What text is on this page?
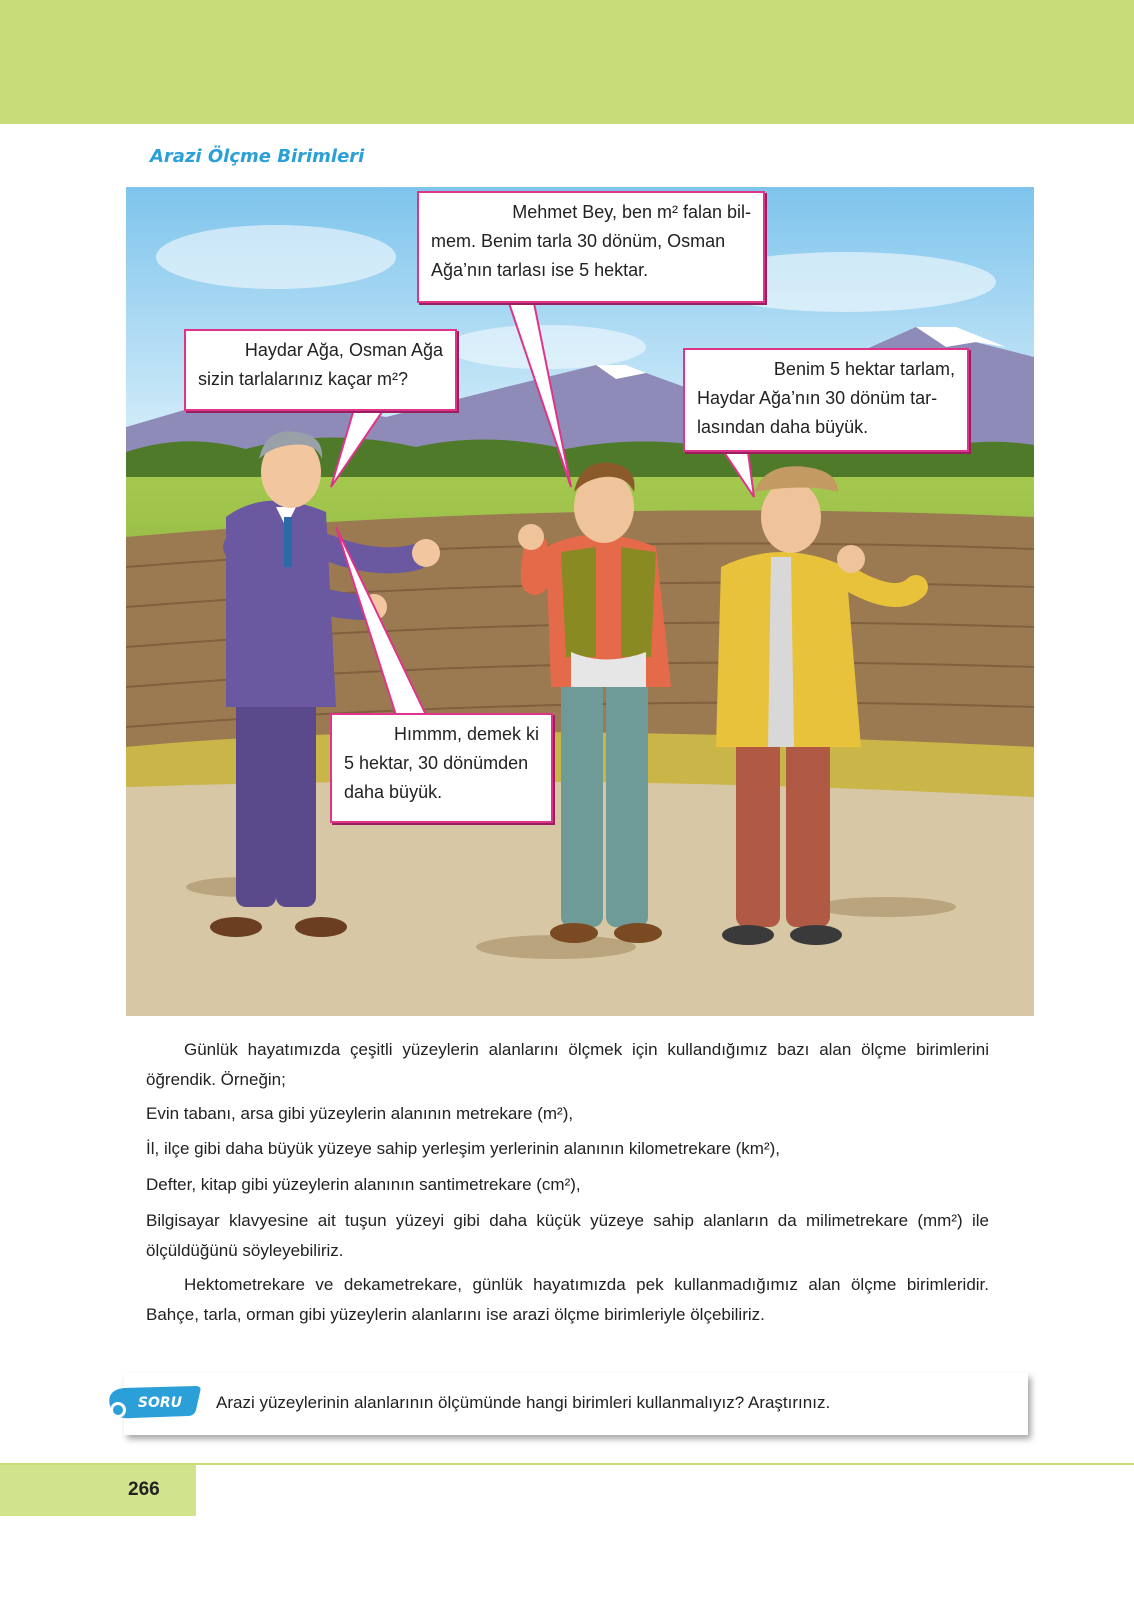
Arazi Ölçme Birimleri
Mehmet Bey, ben m² falan bil-
mem. Benim tarla 30 dönüm, Osman
Ağa’nın tarlası ise 5 hektar.
Haydar Ağa, Osman Ağa
sizin tarlalarınız kaçar m²?	Benim 5 hektar tarlam,
Haydar Ağa’nın 30 dönüm tar-
lasından daha büyük.
Hımmm, demek ki
5 hektar, 30 dönümden
daha büyük.

Günlük hayatımızda çeşitli yüzeylerin alanlarını ölçmek için kullandığımız bazı alan ölçme birimlerini öğrendik. Örneğin;

Evin tabanı, arsa gibi yüzeylerin alanının metrekare (m²),

İl, ilçe gibi daha büyük yüzeye sahip yerleşim yerlerinin alanının kilometrekare (km²),

Defter, kitap gibi yüzeylerin alanının santimetrekare (cm²),

Bilgisayar klavyesine ait tuşun yüzeyi gibi daha küçük yüzeye sahip alanların da milimetrekare (mm²) ile ölçüldüğünü söyleyebiliriz.

Hektometrekare ve dekametrekare, günlük hayatımızda pek kullanmadığımız alan ölçme birimleridir. Bahçe, tarla, orman gibi yüzeylerin alanlarını ise arazi ölçme birimleriyle ölçebiliriz.

Arazi yüzeylerinin alanlarının ölçümünde hangi birimleri kullanmalıyız? Araştırınız.
SORU
266
